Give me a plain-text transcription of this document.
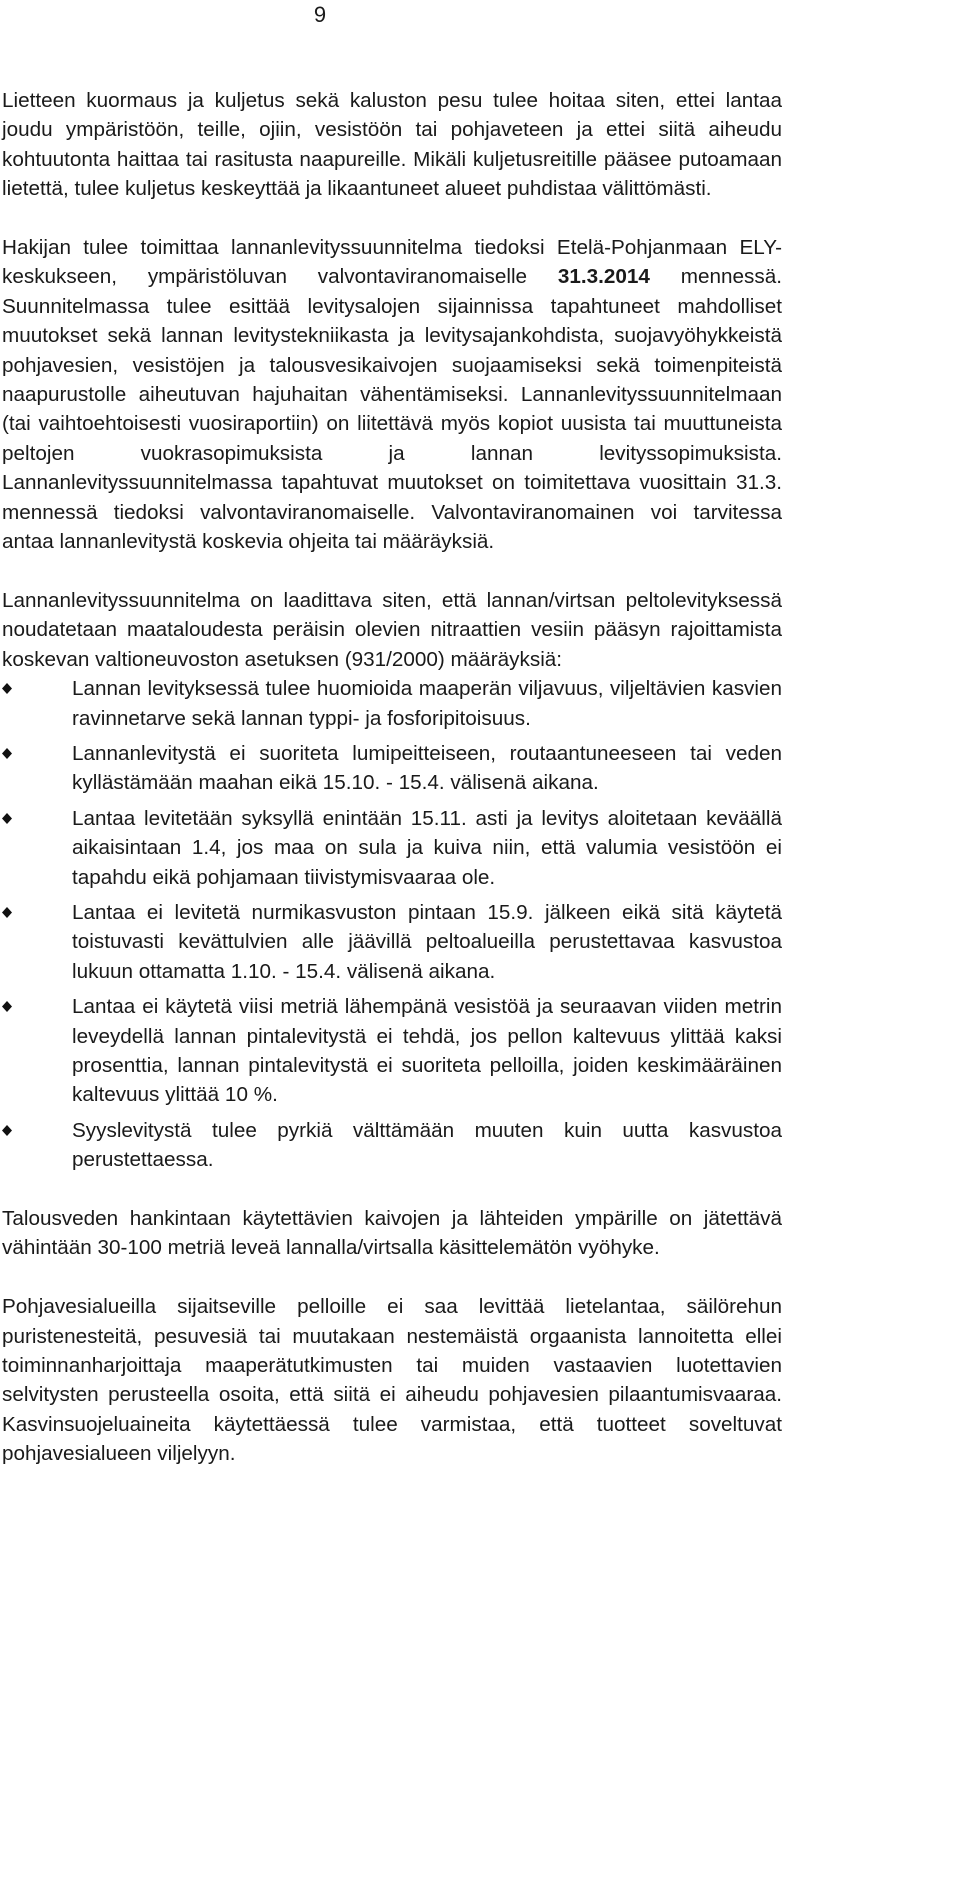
9

Lietteen kuormaus ja kuljetus sekä kaluston pesu tulee hoitaa siten, ettei lantaa joudu ympäristöön, teille, ojiin, vesistöön tai pohjaveteen ja ettei siitä aiheudu kohtuutonta haittaa tai rasitusta naapureille. Mikäli kuljetusreitille pääsee putoamaan lietettä, tulee kuljetus keskeyttää ja likaantuneet alueet puhdistaa välittömästi.

Hakijan tulee toimittaa lannanlevityssuunnitelma tiedoksi Etelä-Pohjanmaan ELY-keskukseen, ympäristöluvan valvontaviranomaiselle 31.3.2014 mennessä. Suunnitelmassa tulee esittää levitysalojen sijainnissa tapahtuneet mahdolliset muutokset sekä lannan levitystekniikasta ja levitysajankohdista, suojavyöhykkeistä pohjavesien, vesistöjen ja talousvesikaivojen suojaamiseksi sekä toimenpiteistä naapurustolle aiheutuvan hajuhaitan vähentämiseksi. Lannanlevityssuunnitelmaan (tai vaihtoehtoisesti vuosiraportiin) on liitettävä myös kopiot uusista tai muuttuneista peltojen vuokrasopimuksista ja lannan levityssopimuksista. Lannanlevityssuunnitelmassa tapahtuvat muutokset on toimitettava vuosittain 31.3. mennessä tiedoksi valvontaviranomaiselle. Valvontaviranomainen voi tarvitessa antaa lannanlevitystä koskevia ohjeita tai määräyksiä.

Lannanlevityssuunnitelma on laadittava siten, että lannan/virtsan peltolevityksessä noudatetaan maataloudesta peräisin olevien nitraattien vesiin pääsyn rajoittamista koskevan valtioneuvoston asetuksen (931/2000) määräyksiä:

Lannan levityksessä tulee huomioida maaperän viljavuus, viljeltävien kasvien ravinnetarve sekä lannan typpi- ja fosforipitoisuus.
Lannanlevitystä ei suoriteta lumipeitteiseen, routaantuneeseen tai veden kyllästämään maahan eikä 15.10. - 15.4. välisenä aikana.
Lantaa levitetään syksyllä enintään 15.11. asti ja levitys aloitetaan keväällä aikaisintaan 1.4, jos maa on sula ja kuiva niin, että valumia vesistöön ei tapahdu eikä pohjamaan tiivistymisvaaraa ole.
Lantaa ei levitetä nurmikasvuston pintaan 15.9. jälkeen eikä sitä käytetä toistuvasti kevättulvien alle jäävillä peltoalueilla perustettavaa kasvustoa lukuun ottamatta 1.10. - 15.4. välisenä aikana.
Lantaa ei käytetä viisi metriä lähempänä vesistöä ja seuraavan viiden metrin leveydellä lannan pintalevitystä ei tehdä, jos pellon kaltevuus ylittää kaksi prosenttia, lannan pintalevitystä ei suoriteta pelloilla, joiden keskimääräinen kaltevuus ylittää 10 %.
Syyslevitystä tulee pyrkiä välttämään muuten kuin uutta kasvustoa perustettaessa.

Talousveden hankintaan käytettävien kaivojen ja lähteiden ympärille on jätettävä vähintään 30-100 metriä leveä lannalla/virtsalla käsittelemätön vyöhyke.

Pohjavesialueilla sijaitseville pelloille ei saa levittää lietelantaa, säilörehun puristenesteitä, pesuvesiä tai muutakaan nestemäistä orgaanista lannoitetta ellei toiminnanharjoittaja maaperätutkimusten tai muiden vastaavien luotettavien selvitysten perusteella osoita, että siitä ei aiheudu pohjavesien pilaantumisvaaraa. Kasvinsuojeluaineita käytettäessä tulee varmistaa, että tuotteet soveltuvat pohjavesialueen viljelyyn.
